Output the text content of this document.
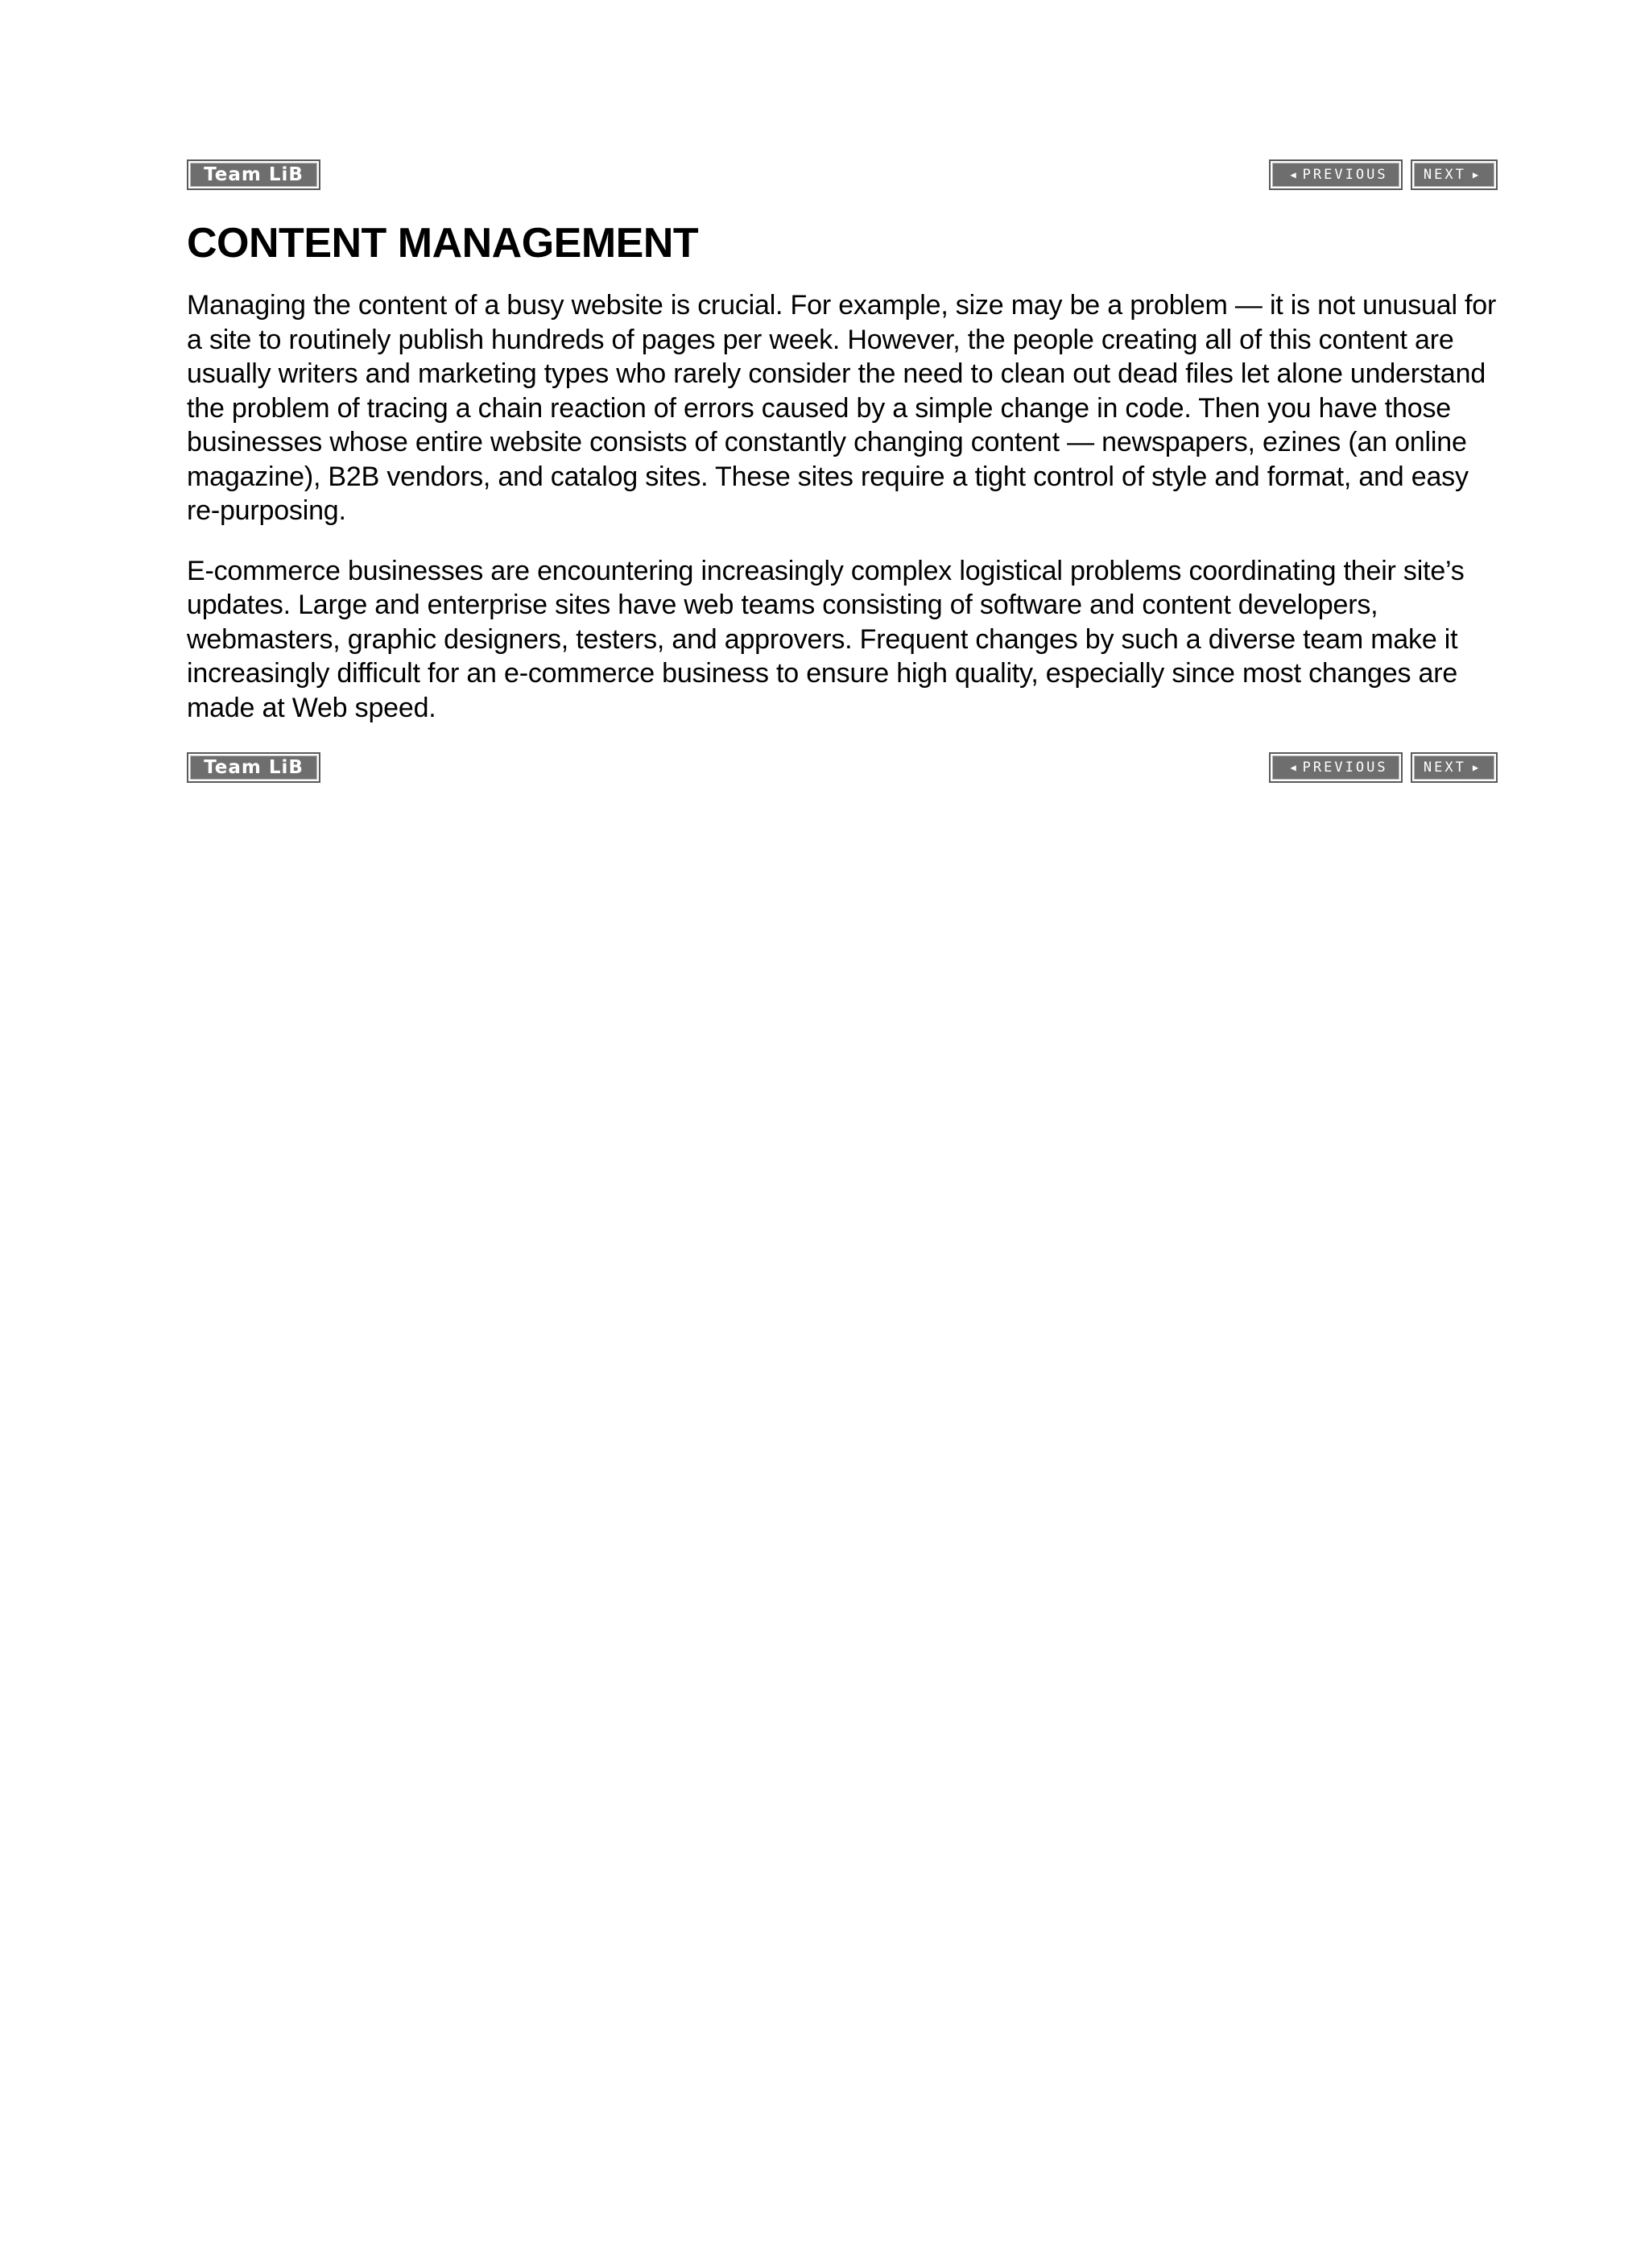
Team LiB	◀ PREVIOUS	NEXT ▶
CONTENT MANAGEMENT

Managing the content of a busy website is crucial. For example, size may be a problem — it is not unusual for a site to routinely publish hundreds of pages per week. However, the people creating all of this content are usually writers and marketing types who rarely consider the need to clean out dead files let alone understand the problem of tracing a chain reaction of errors caused by a simple change in code. Then you have those businesses whose entire website consists of constantly changing content — newspapers, ezines (an online magazine), B2B vendors, and catalog sites. These sites require a tight control of style and format, and easy re-purposing.

E-commerce businesses are encountering increasingly complex logistical problems coordinating their site’s updates. Large and enterprise sites have web teams consisting of software and content developers, webmasters, graphic designers, testers, and approvers. Frequent changes by such a diverse team make it increasingly difficult for an e-commerce business to ensure high quality, especially since most changes are made at Web speed.

Team LiB	◀ PREVIOUS	NEXT ▶
